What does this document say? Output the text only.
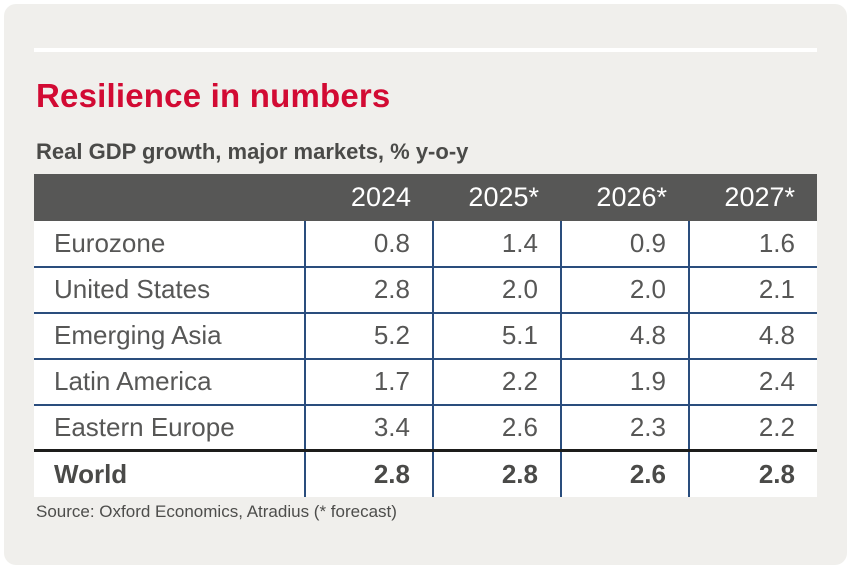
Resilience in numbers
Real GDP growth, major markets, % y-o-y
	2024	2025*	2026*	2027*
Eurozone	0.8	1.4	0.9	1.6
United States	2.8	2.0	2.0	2.1
Emerging Asia	5.2	5.1	4.8	4.8
Latin America	1.7	2.2	1.9	2.4
Eastern Europe	3.4	2.6	2.3	2.2
World	2.8	2.8	2.6	2.8
Source: Oxford Economics, Atradius (* forecast)
